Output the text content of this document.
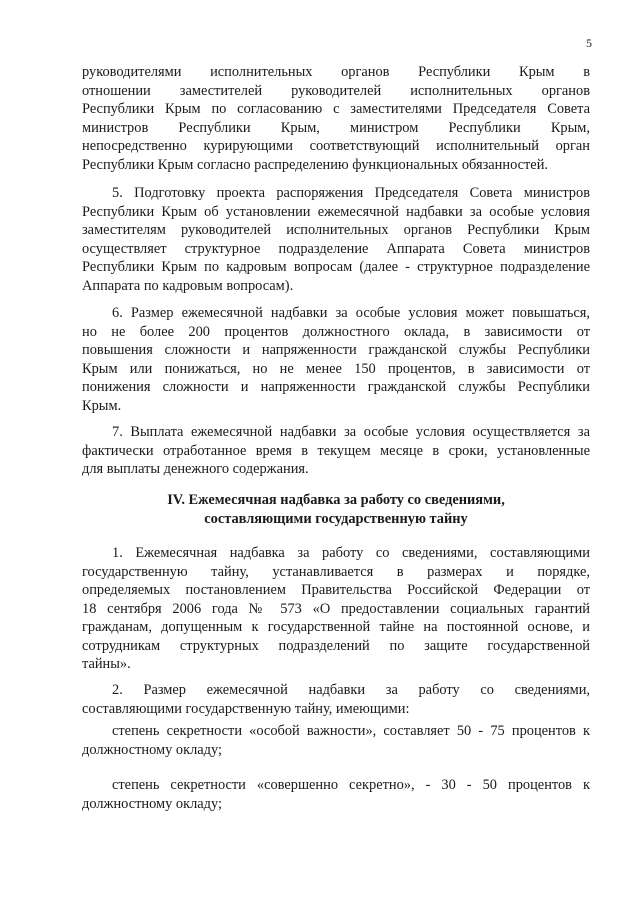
5
руководителями исполнительных органов Республики Крым в
отношении заместителей руководителей исполнительных органов
Республики Крым по согласованию с заместителями Председателя Совета
министров Республики Крым, министром Республики Крым,
непосредственно курирующими соответствующий исполнительный орган
Республики Крым согласно распределению функциональных обязанностей.
5. Подготовку проекта распоряжения Председателя Совета министров
Республики Крым об установлении ежемесячной надбавки за особые условия
заместителям руководителей исполнительных органов Республики Крым
осуществляет структурное подразделение Аппарата Совета министров
Республики Крым по кадровым вопросам (далее - структурное подразделение
Аппарата по кадровым вопросам).
6. Размер ежемесячной надбавки за особые условия может повышаться,
но не более 200 процентов должностного оклада, в зависимости от
повышения сложности и напряженности гражданской службы Республики
Крым или понижаться, но не менее 150 процентов, в зависимости от
понижения сложности и напряженности гражданской службы Республики
Крым.
7. Выплата ежемесячной надбавки за особые условия осуществляется за
фактически отработанное время в текущем месяце в сроки, установленные
для выплаты денежного содержания.
IV. Ежемесячная надбавка за работу со сведениями,
составляющими государственную тайну
1. Ежемесячная надбавка за работу со сведениями, составляющими
государственную тайну, устанавливается в размерах и порядке,
определяемых постановлением Правительства Российской Федерации от
18 сентября 2006 года № 573 «О предоставлении социальных гарантий
гражданам, допущенным к государственной тайне на постоянной основе, и
сотрудникам структурных подразделений по защите государственной
тайны».
2. Размер ежемесячной надбавки за работу со сведениями,
составляющими государственную тайну, имеющими:
степень секретности «особой важности», составляет 50 - 75 процентов к
должностному окладу;
степень секретности «совершенно секретно», - 30 - 50 процентов к
должностному окладу;
